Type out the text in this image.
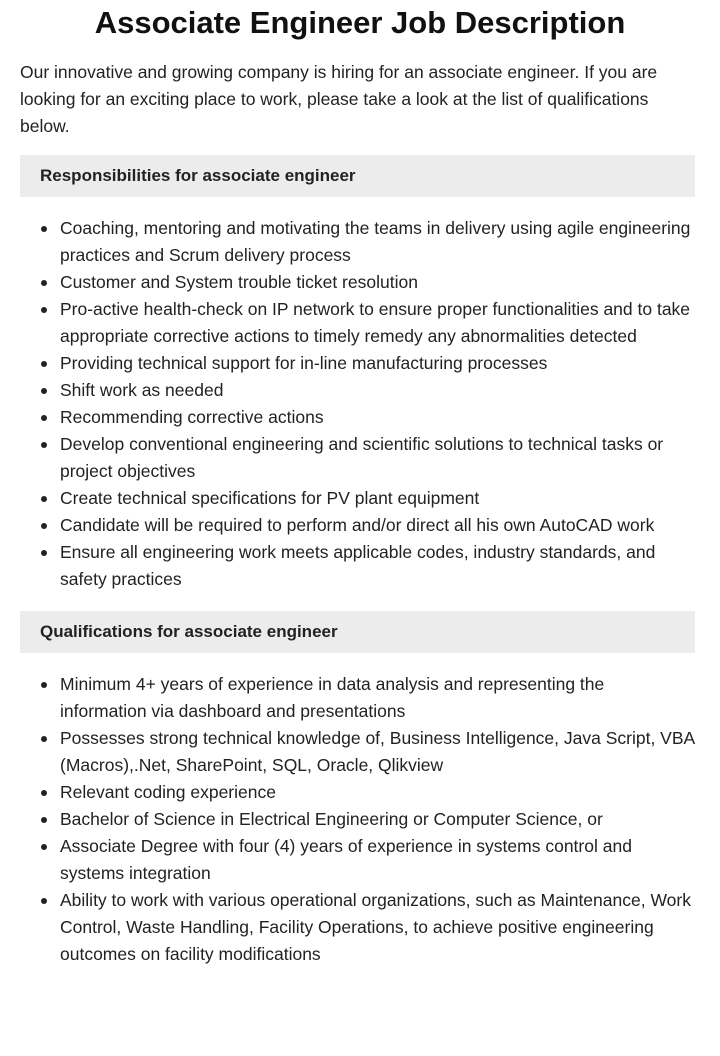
Associate Engineer Job Description

Our innovative and growing company is hiring for an associate engineer. If you are looking for an exciting place to work, please take a look at the list of qualifications below.

Responsibilities for associate engineer
Coaching, mentoring and motivating the teams in delivery using agile engineering practices and Scrum delivery process
Customer and System trouble ticket resolution
Pro-active health-check on IP network to ensure proper functionalities and to take appropriate corrective actions to timely remedy any abnormalities detected
Providing technical support for in-line manufacturing processes
Shift work as needed
Recommending corrective actions
Develop conventional engineering and scientific solutions to technical tasks or project objectives
Create technical specifications for PV plant equipment
Candidate will be required to perform and/or direct all his own AutoCAD work
Ensure all engineering work meets applicable codes, industry standards, and safety practices
Qualifications for associate engineer
Minimum 4+ years of experience in data analysis and representing the information via dashboard and presentations
Possesses strong technical knowledge of, Business Intelligence, Java Script, VBA (Macros),.Net, SharePoint, SQL, Oracle, Qlikview
Relevant coding experience
Bachelor of Science in Electrical Engineering or Computer Science, or
Associate Degree with four (4) years of experience in systems control and systems integration
Ability to work with various operational organizations, such as Maintenance, Work Control, Waste Handling, Facility Operations, to achieve positive engineering outcomes on facility modifications
